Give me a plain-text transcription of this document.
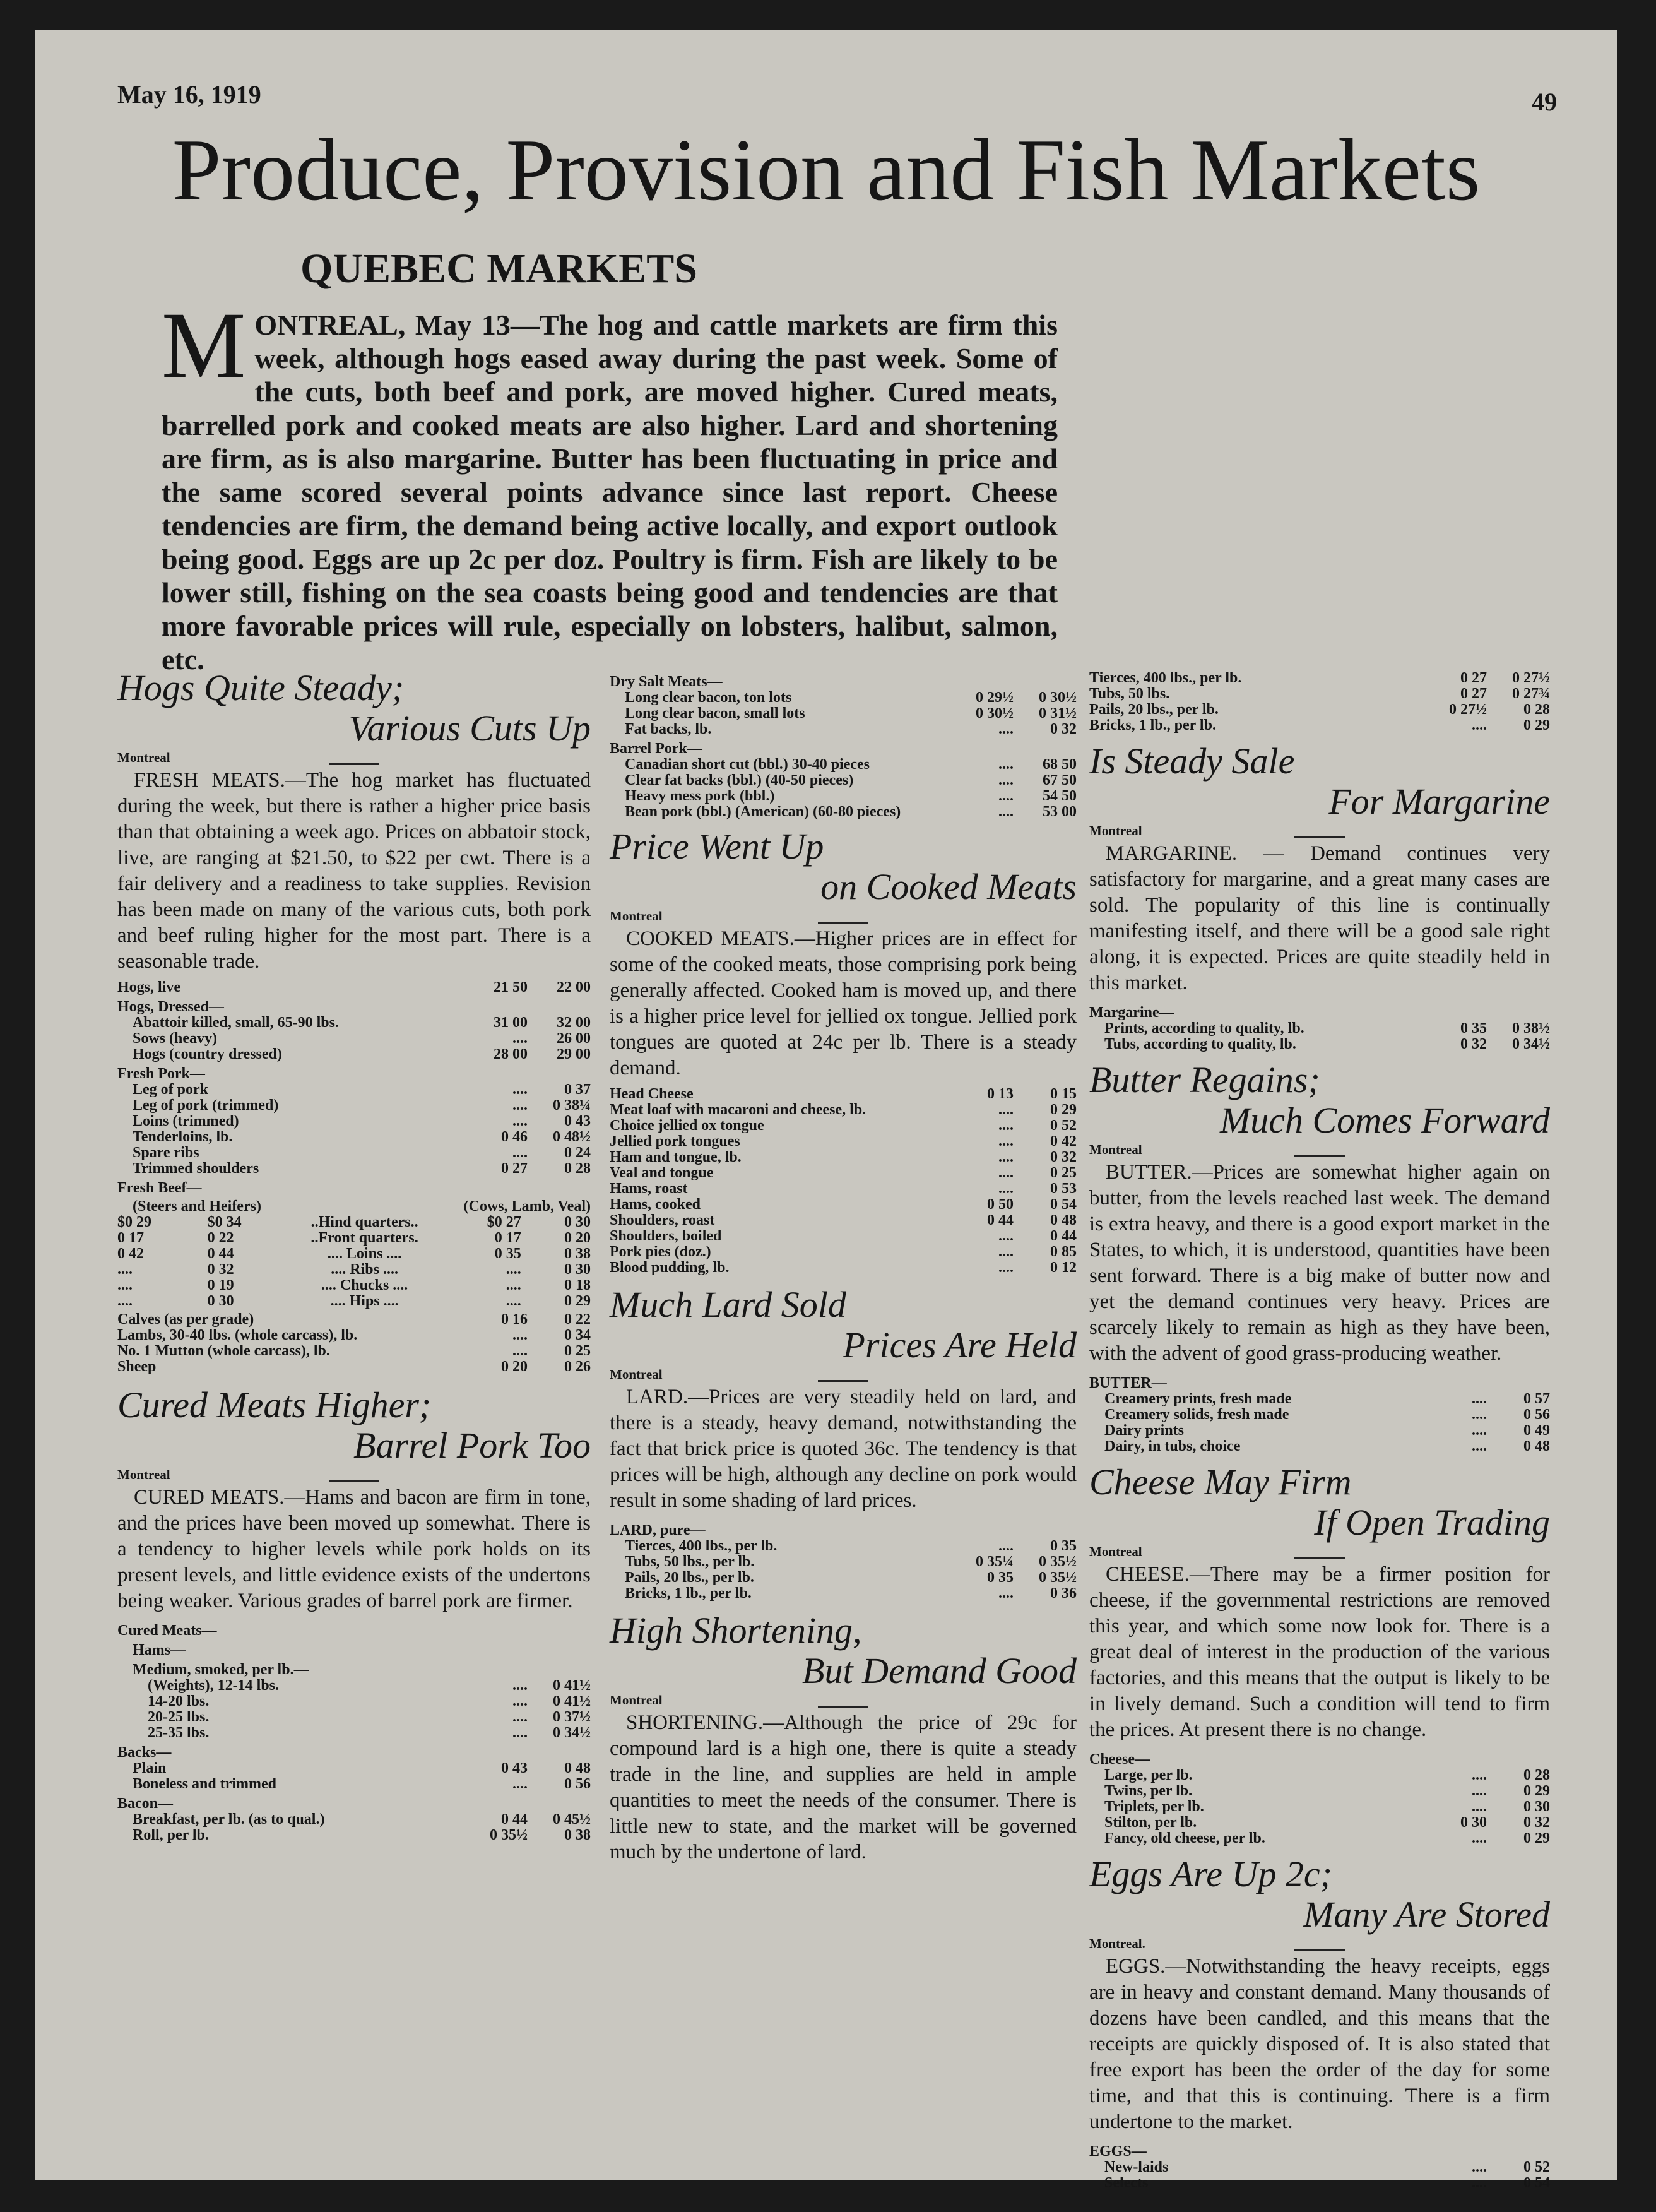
May 16, 1919	49
Produce, Provision and Fish Markets
QUEBEC MARKETS
M ONTREAL, May 13—The hog and cattle markets are firm this week, although hogs eased away during the past week. Some of the cuts, both beef and pork, are moved higher. Cured meats, barrelled pork and cooked meats are also higher. Lard and shortening are firm, as is also margarine. Butter has been fluctuating in price and the same scored several points advance since last report. Cheese tendencies are firm, the demand being active locally, and export outlook being good. Eggs are up 2c per doz. Poultry is firm. Fish are likely to be lower still, fishing on the sea coasts being good and tendencies are that more favorable prices will rule, especially on lobsters, halibut, salmon, etc.
Hogs Quite Steady;
Various Cuts Up
Montreal

FRESH MEATS.—The hog market has fluctuated during the week, but there is rather a higher price basis than that obtaining a week ago. Prices on abbatoir stock, live, are ranging at $21.50, to $22 per cwt. There is a fair delivery and a readiness to take supplies. Revision has been made on many of the various cuts, both pork and beef ruling higher for the most part. There is a seasonable trade.

Hogs, live	21 50	22 00
Hogs, Dressed—		
Abattoir killed, small, 65-90 lbs.	31 00	32 00
Sows (heavy)	....	26 00
Hogs (country dressed)	28 00	29 00
Fresh Pork—		
Leg of pork	....	0 37
Leg of pork (trimmed)	....	0 38¼
Loins (trimmed)	....	0 43
Tenderloins, lb.	0 46	0 48½
Spare ribs	....	0 24
Trimmed shoulders	0 27	0 28
Fresh Beef—		
(Steers and Heifers)			(Cows, Lamb, Veal)	
$0 29	$0 34	..Hind quarters..	$0 27	0 30
0 17	0 22	..Front quarters.	0 17	0 20
0 42	0 44	.... Loins ....	0 35	0 38
....	0 32	.... Ribs ....	....	0 30
....	0 19	.... Chucks ....	....	0 18
....	0 30	.... Hips ....	....	0 29
Calves (as per grade)	0 16	0 22
Lambs, 30-40 lbs. (whole carcass), lb.	....	0 34
No. 1 Mutton (whole carcass), lb.	....	0 25
Sheep	0 20	0 26
Cured Meats Higher;
Barrel Pork Too
Montreal

CURED MEATS.—Hams and bacon are firm in tone, and the prices have been moved up somewhat. There is a tendency to higher levels while pork holds on its present levels, and little evidence exists of the undertons being weaker. Various grades of barrel pork are firmer.

Cured Meats—		
Hams—		
Medium, smoked, per lb.—		
(Weights), 12-14 lbs.	....	0 41½
14-20 lbs.	....	0 41½
20-25 lbs.	....	0 37½
25-35 lbs.	....	0 34½
Backs—		
Plain	0 43	0 48
Boneless and trimmed	....	0 56
Bacon—		
Breakfast, per lb. (as to qual.)	0 44	0 45½
Roll, per lb.	0 35½	0 38
Dry Salt Meats—		
Long clear bacon, ton lots	0 29½	0 30½
Long clear bacon, small lots	0 30½	0 31½
Fat backs, lb.	....	0 32
Barrel Pork—		
Canadian short cut (bbl.) 30-40 pieces	....	68 50
Clear fat backs (bbl.) (40-50 pieces)	....	67 50
Heavy mess pork (bbl.)	....	54 50
Bean pork (bbl.) (American) (60-80 pieces)	....	53 00
Price Went Up
on Cooked Meats
Montreal

COOKED MEATS.—Higher prices are in effect for some of the cooked meats, those comprising pork being generally affected. Cooked ham is moved up, and there is a higher price level for jellied ox tongue. Jellied pork tongues are quoted at 24c per lb. There is a steady demand.

Head Cheese	0 13	0 15
Meat loaf with macaroni and cheese, lb.	....	0 29
Choice jellied ox tongue	....	0 52
Jellied pork tongues	....	0 42
Ham and tongue, lb.	....	0 32
Veal and tongue	....	0 25
Hams, roast	....	0 53
Hams, cooked	0 50	0 54
Shoulders, roast	0 44	0 48
Shoulders, boiled	....	0 44
Pork pies (doz.)	....	0 85
Blood pudding, lb.	....	0 12
Much Lard Sold
Prices Are Held
Montreal

LARD.—Prices are very steadily held on lard, and there is a steady, heavy demand, notwithstanding the fact that brick price is quoted 36c. The tendency is that prices will be high, although any decline on pork would result in some shading of lard prices.

LARD, pure—		
Tierces, 400 lbs., per lb.	....	0 35
Tubs, 50 lbs., per lb.	0 35¼	0 35½
Pails, 20 lbs., per lb.	0 35	0 35½
Bricks, 1 lb., per lb.	....	0 36
High Shortening,
But Demand Good
Montreal

SHORTENING.—Although the price of 29c for compound lard is a high one, there is quite a steady trade in the line, and supplies are held in ample quantities to meet the needs of the consumer. There is little new to state, and the market will be governed much by the undertone of lard.

Tierces, 400 lbs., per lb.	0 27	0 27½
Tubs, 50 lbs.	0 27	0 27¾
Pails, 20 lbs., per lb.	0 27½	0 28
Bricks, 1 lb., per lb.	....	0 29
Is Steady Sale
For Margarine
Montreal

MARGARINE. — Demand continues very satisfactory for margarine, and a great many cases are sold. The popularity of this line is continually manifesting itself, and there will be a good sale right along, it is expected. Prices are quite steadily held in this market.

Margarine—		
Prints, according to quality, lb.	0 35	0 38½
Tubs, according to quality, lb.	0 32	0 34½
Butter Regains;
Much Comes Forward
Montreal

BUTTER.—Prices are somewhat higher again on butter, from the levels reached last week. The demand is extra heavy, and there is a good export market in the States, to which, it is understood, quantities have been sent forward. There is a big make of butter now and yet the demand continues very heavy. Prices are scarcely likely to remain as high as they have been, with the advent of good grass-producing weather.

BUTTER—		
Creamery prints, fresh made	....	0 57
Creamery solids, fresh made	....	0 56
Dairy prints	....	0 49
Dairy, in tubs, choice	....	0 48
Cheese May Firm
If Open Trading
Montreal

CHEESE.—There may be a firmer position for cheese, if the governmental restrictions are removed this year, and which some now look for. There is a great deal of interest in the production of the various factories, and this means that the output is likely to be in lively demand. Such a condition will tend to firm the prices. At present there is no change.

Cheese—		
Large, per lb.	....	0 28
Twins, per lb.	....	0 29
Triplets, per lb.	....	0 30
Stilton, per lb.	0 30	0 32
Fancy, old cheese, per lb.	....	0 29
Eggs Are Up 2c;
Many Are Stored
Montreal.

EGGS.—Notwithstanding the heavy receipts, eggs are in heavy and constant demand. Many thousands of dozens have been candled, and this means that the receipts are quickly disposed of. It is also stated that free export has been the order of the day for some time, and that this is continuing. There is a firm undertone to the market.

EGGS—		
New-laids	....	0 52
Selects	....	0 54
